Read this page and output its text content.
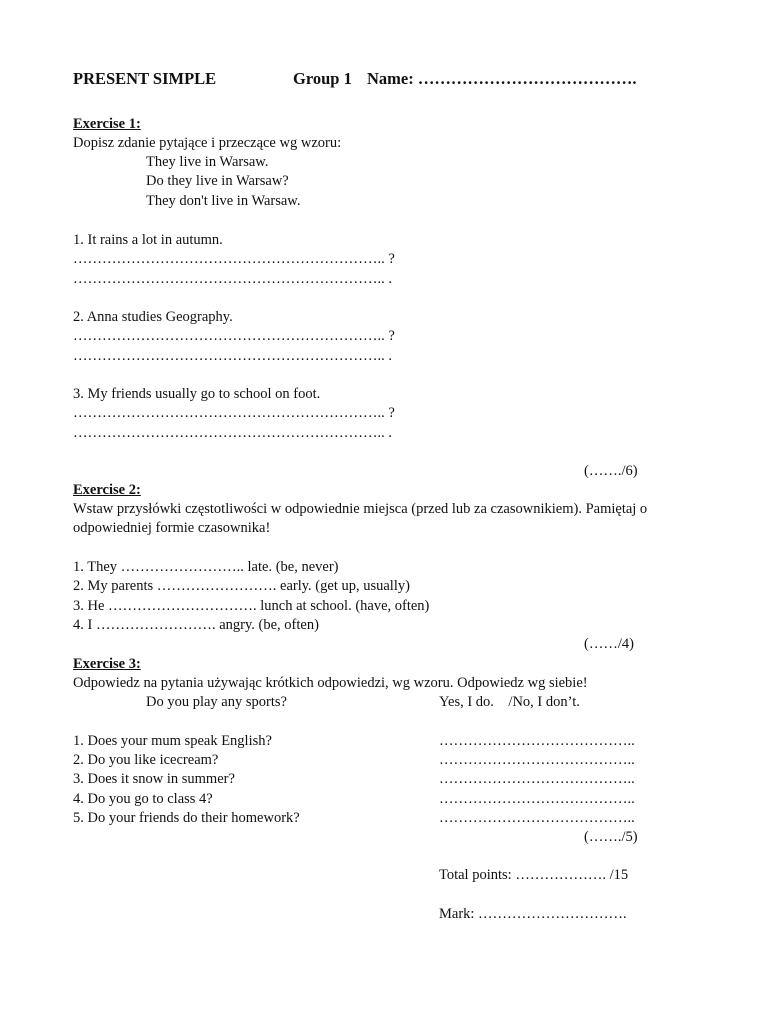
PRESENT SIMPLE	Group 1 Name: ………………………………….
Exercise 1:
Dopisz zdanie pytające i przeczące wg wzoru:
They live in Warsaw.
Do they live in Warsaw?
They don't live in Warsaw.
1. It rains a lot in autumn.
……………………………………………………….. ?
……………………………………………………….. .
2. Anna studies Geography.
……………………………………………………….. ?
……………………………………………………….. .
3. My friends usually go to school on foot.
……………………………………………………….. ?
……………………………………………………….. .
(……./6)
Exercise 2:
Wstaw przysłówki częstotliwości w odpowiednie miejsca (przed lub za czasownikiem). Pamiętaj o
odpowiedniej formie czasownika!
1. They …………………….. late. (be, never)
2. My parents ……………………. early. (get up, usually)
3. He …………………………. lunch at school. (have, often)
4. I ……………………. angry. (be, often)
(……/4)
Exercise 3:
Odpowiedz na pytania używając krótkich odpowiedzi, wg wzoru. Odpowiedz wg siebie!
Do you play any sports?	Yes, I do.    /No, I don’t.
1. Does your mum speak English?	…………………………………..
2. Do you like icecream?	…………………………………..
3. Does it snow in summer?	…………………………………..
4. Do you go to class 4?	…………………………………..
5. Do your friends do their homework?	…………………………………..
(……./5)
Total points: ………………. /15
Mark: ………………………….
